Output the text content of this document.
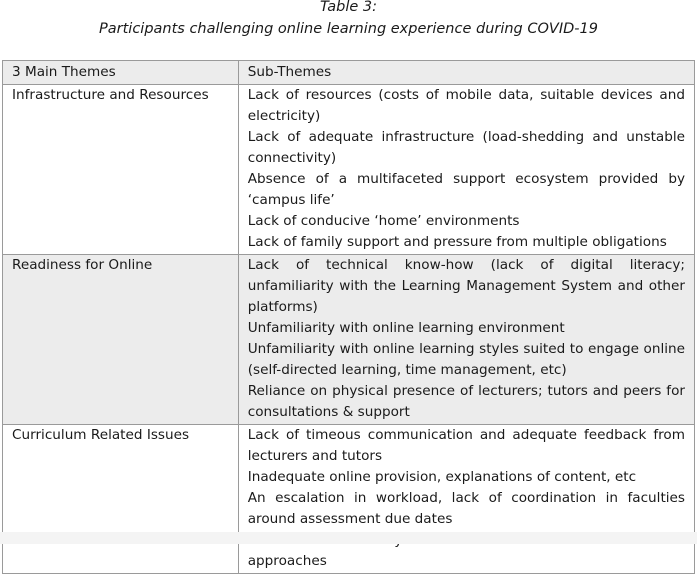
Table 3:
Participants challenging online learning experience during COVID-19
3 Main Themes	Sub-Themes
Infrastructure and Resources	Lack of resources (costs of mobile data, suitable devices and electricity)
Lack of adequate infrastructure (load-shedding and unstable connectivity)
Absence of a multifaceted support ecosystem provided by ‘campus life’
Lack of conducive ‘home’ environments
Lack of family support and pressure from multiple obligations

Readiness for Online	Lack of technical know-how (lack of digital literacy; unfamiliarity with the Learning Management System and other platforms)
Unfamiliarity with online learning environment
Unfamiliarity with online learning styles suited to engage online (self-directed learning, time management, etc)
Reliance on physical presence of lecturers; tutors and peers for consultations & support

Curriculum Related Issues	Lack of timeous communication and adequate feedback from lecturers and tutors
Inadequate online provision, explanations of content, etc
An escalation in workload, lack of coordination in faculties around assessment due dates
approaches
